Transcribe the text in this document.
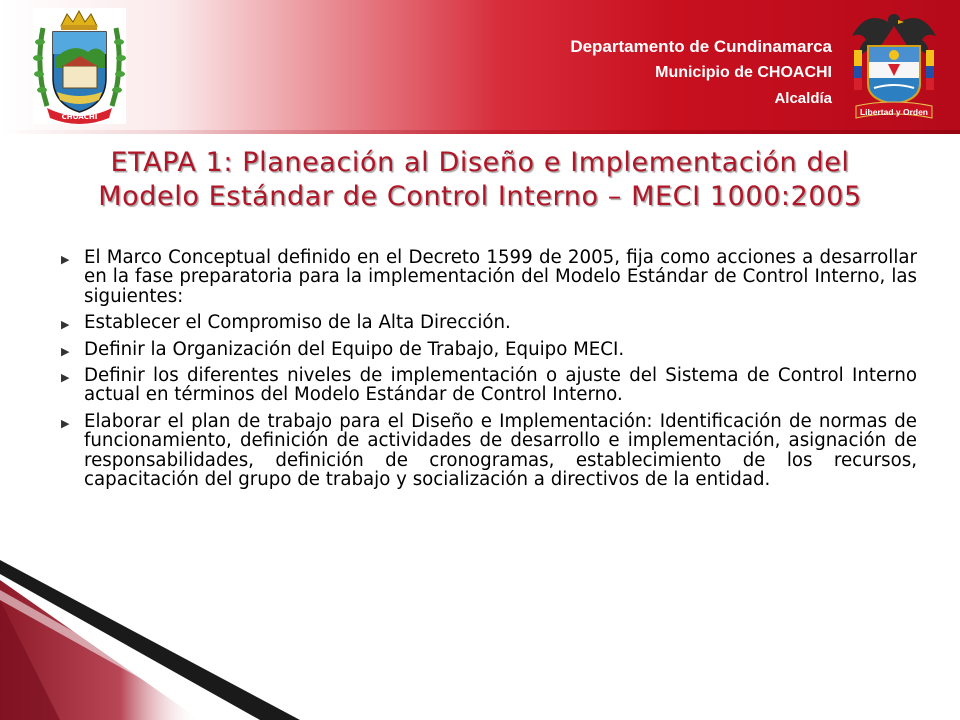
CHOACHI
Departamento de Cundinamarca
Municipio de CHOACHI
Alcaldía
Libertad y Orden
ETAPA 1: Planeación al Diseño e Implementación del
Modelo Estándar de Control Interno – MECI 1000:2005
▶ El Marco Conceptual definido en el Decreto 1599 de 2005, fija como acciones a desarrollar en la fase preparatoria para la implementación del Modelo Estándar de Control Interno, las siguientes:
▶ Establecer el Compromiso de la Alta Dirección.
▶ Definir la Organización del Equipo de Trabajo, Equipo MECI.
▶ Definir los diferentes niveles de implementación o ajuste del Sistema de Control Interno actual en términos del Modelo Estándar de Control Interno.
▶ Elaborar el plan de trabajo para el Diseño e Implementación: Identificación de normas de funcionamiento, definición de actividades de desarrollo e implementación, asignación de responsabilidades, definición de cronogramas, establecimiento de los recursos, capacitación del grupo de trabajo y socialización a directivos de la entidad.
